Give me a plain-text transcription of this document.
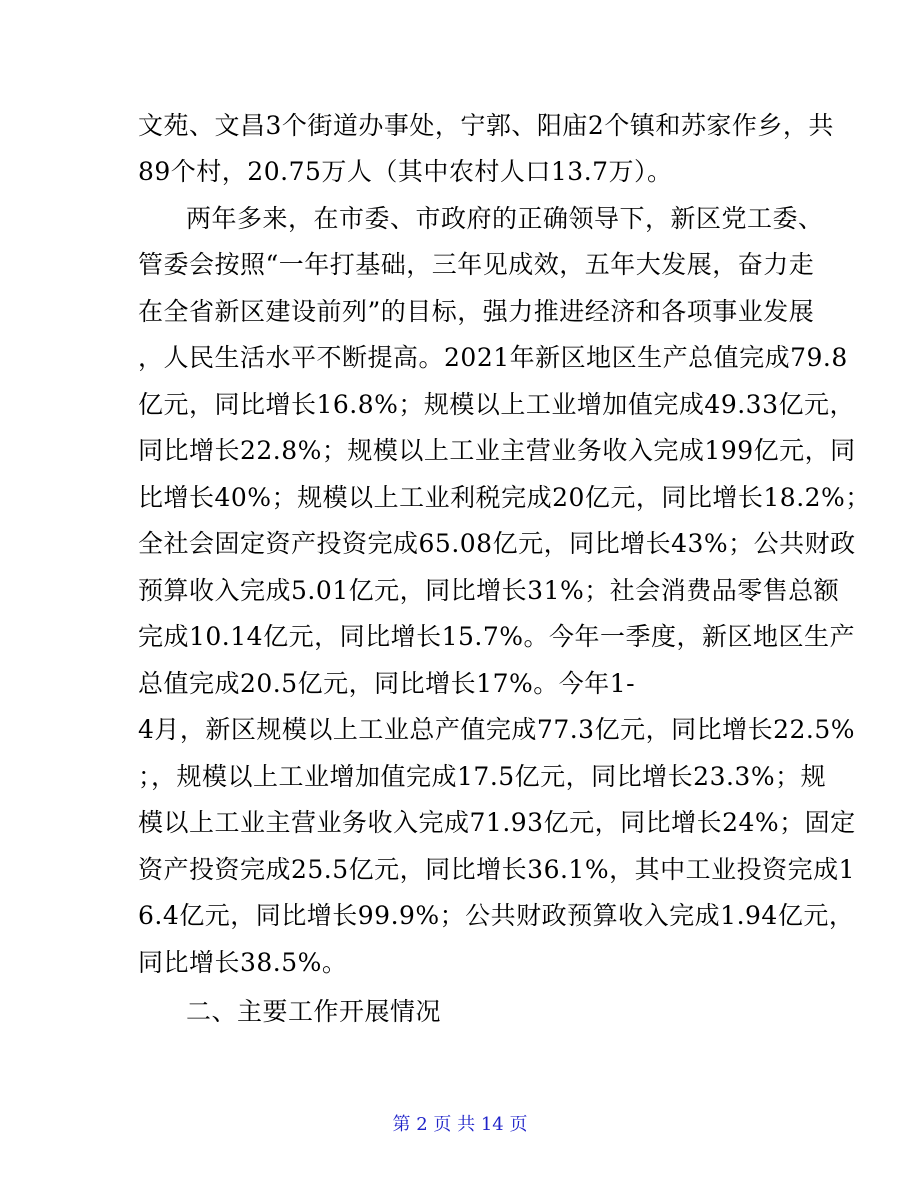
文苑、文昌3个街道办事处，宁郭、阳庙2个镇和苏家作乡，共
89个村，20.75万人（其中农村人口13.7万）。
两年多来，在市委、市政府的正确领导下，新区党工委、
管委会按照“一年打基础，三年见成效，五年大发展，奋力走
在全省新区建设前列”的目标，强力推进经济和各项事业发展
，人民生活水平不断提高。2021年新区地区生产总值完成79.8
亿元，同比增长16.8%；规模以上工业增加值完成49.33亿元，
同比增长22.8%；规模以上工业主营业务收入完成199亿元，同
比增长40%；规模以上工业利税完成20亿元，同比增长18.2%；
全社会固定资产投资完成65.08亿元，同比增长43%；公共财政
预算收入完成5.01亿元，同比增长31%；社会消费品零售总额
完成10.14亿元，同比增长15.7%。今年一季度，新区地区生产
总值完成20.5亿元，同比增长17%。今年1-
4月，新区规模以上工业总产值完成77.3亿元，同比增长22.5%
；，规模以上工业增加值完成17.5亿元，同比增长23.3%；规
模以上工业主营业务收入完成71.93亿元，同比增长24%；固定
资产投资完成25.5亿元，同比增长36.1%，其中工业投资完成1
6.4亿元，同比增长99.9%；公共财政预算收入完成1.94亿元，
同比增长38.5%。
二、主要工作开展情况
第 2 页 共 14 页
